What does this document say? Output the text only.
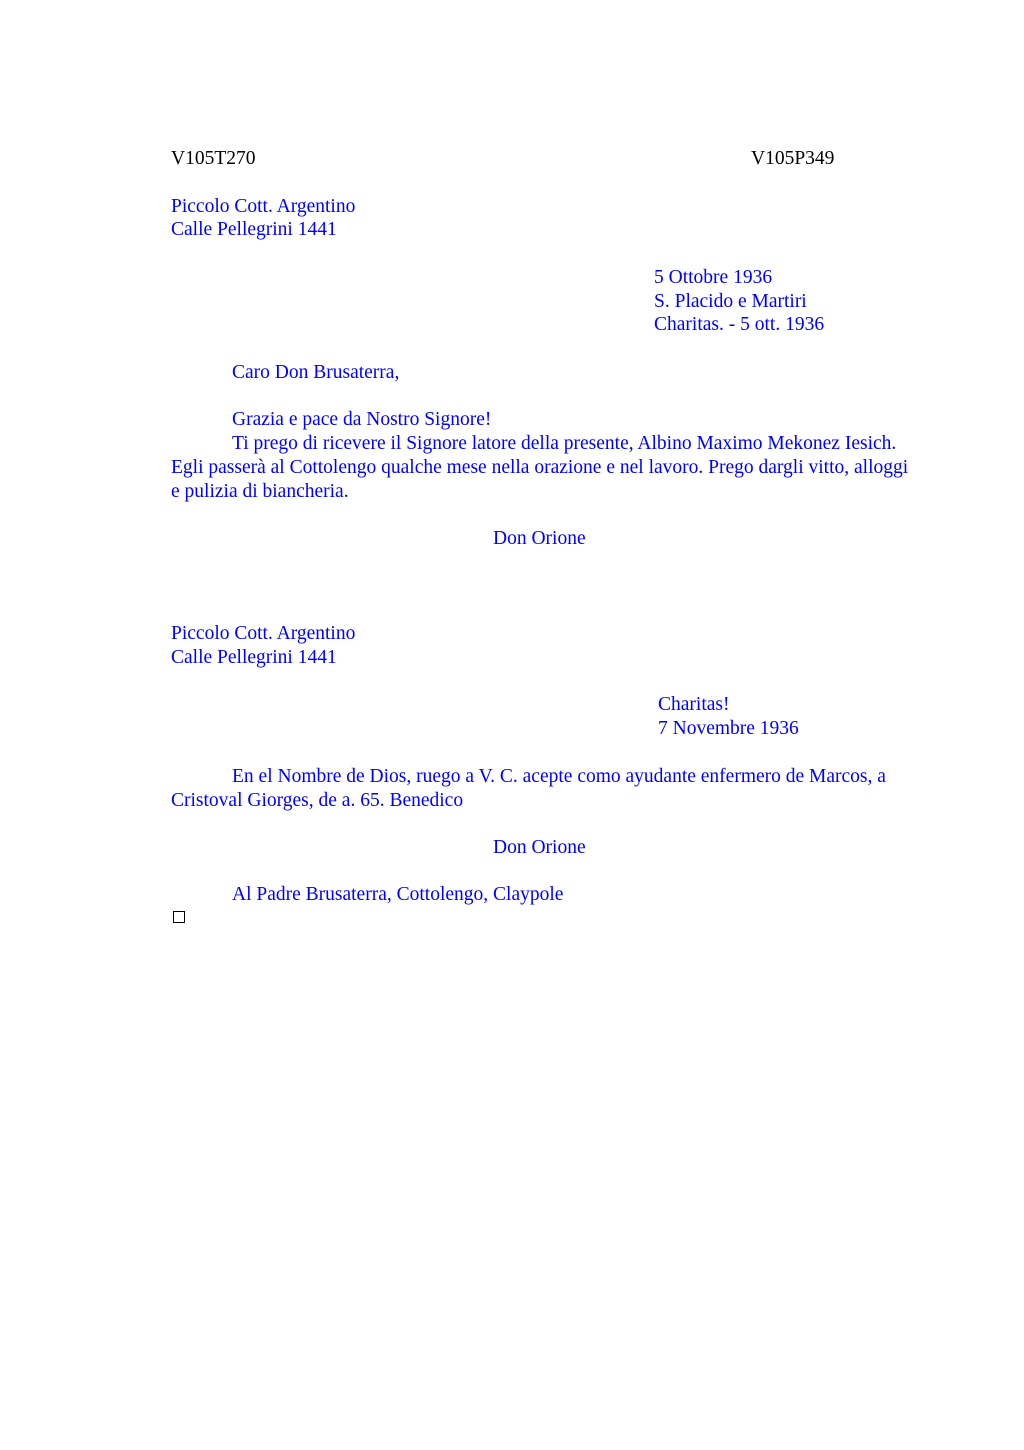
V105T270	V105P349

Piccolo Cott. Argentino

Calle Pellegrini 1441

5 Ottobre 1936

S. Placido e Martiri

Charitas. - 5 ott. 1936

Caro Don Brusaterra,

Grazia e pace da Nostro Signore!

Ti prego di ricevere il Signore latore della presente, Albino Maximo Mekonez Iesich. Egli passerà al Cottolengo qualche mese nella orazione e nel lavoro. Prego dargli vitto, alloggi e pulizia di biancheria.

Don Orione

Piccolo Cott. Argentino

Calle Pellegrini 1441

Charitas!

7 Novembre 1936

En el Nombre de Dios, ruego a V. C. acepte como ayudante enfermero de Marcos, a Cristoval Giorges, de a. 65. Benedico

Don Orione

Al Padre Brusaterra, Cottolengo, Claypole
